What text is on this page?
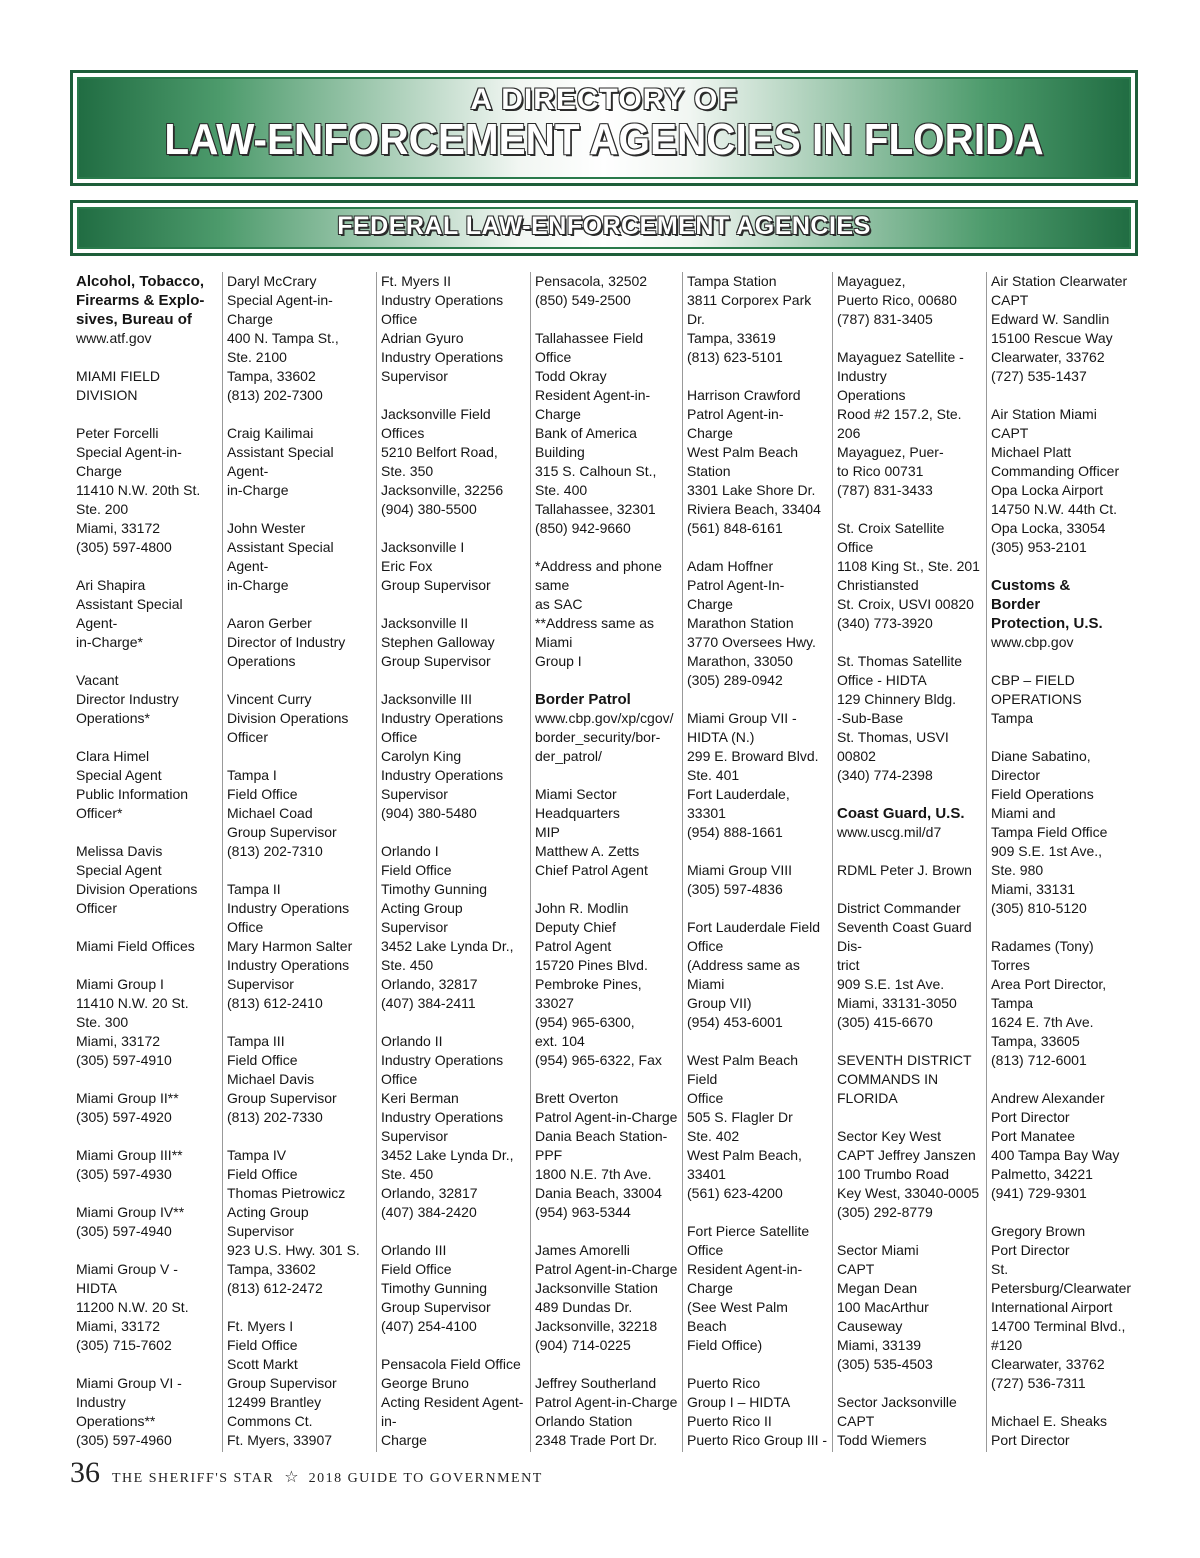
A DIRECTORY OF
LAW-ENFORCEMENT AGENCIES IN FLORIDA
FEDERAL LAW-ENFORCEMENT AGENCIES
Alcohol, Tobacco,
Firearms & Explo-
sives, Bureau of
www.atf.gov
MIAMI FIELD DIVISION
Peter Forcelli
Special Agent-in-Charge
11410 N.W. 20th St.
Ste. 200
Miami, 33172
(305) 597-4800
Ari Shapira
Assistant Special Agent-
in-Charge*
Vacant
Director Industry
Operations*
Clara Himel
Special Agent
Public Information
Officer*
Melissa Davis
Special Agent
Division Operations
Officer
Miami Field Offices
Miami Group I
11410 N.W. 20 St.
Ste. 300
Miami, 33172
(305) 597-4910
Miami Group II**
(305) 597-4920
Miami Group III**
(305) 597-4930
Miami Group IV**
(305) 597-4940
Miami Group V - HIDTA
11200 N.W. 20 St.
Miami, 33172
(305) 715-7602
Miami Group VI - Industry
Operations**
(305) 597-4960
Daryl McCrary
Special Agent-in-Charge
400 N. Tampa St.,
Ste. 2100
Tampa, 33602
(813) 202-7300
Craig Kailimai
Assistant Special Agent-
in-Charge
John Wester
Assistant Special Agent-
in-Charge
Aaron Gerber
Director of Industry
Operations
Vincent Curry
Division Operations
Officer
Tampa I
Field Office
Michael Coad
Group Supervisor
(813) 202-7310
Tampa II
Industry Operations
Office
Mary Harmon Salter
Industry Operations
Supervisor
(813) 612-2410
Tampa III
Field Office
Michael Davis
Group Supervisor
(813) 202-7330
Tampa IV
Field Office
Thomas Pietrowicz
Acting Group Supervisor
923 U.S. Hwy. 301 S.
Tampa, 33602
(813) 612-2472
Ft. Myers I
Field Office
Scott Markt
Group Supervisor
12499 Brantley
Commons Ct.
Ft. Myers, 33907

Ft. Myers II
Industry Operations
Office
Adrian Gyuro
Industry Operations
Supervisor
Jacksonville Field Offices
5210 Belfort Road,
Ste. 350
Jacksonville, 32256
(904) 380-5500
Jacksonville I
Eric Fox
Group Supervisor
Jacksonville II
Stephen Galloway
Group Supervisor
Jacksonville III
Industry Operations
Office
Carolyn King
Industry Operations
Supervisor
(904) 380-5480
Orlando I
Field Office
Timothy Gunning
Acting Group Supervisor
3452 Lake Lynda Dr.,
Ste. 450
Orlando, 32817
(407) 384-2411
Orlando II
Industry Operations
Office
Keri Berman
Industry Operations
Supervisor
3452 Lake Lynda Dr.,
Ste. 450
Orlando, 32817
(407) 384-2420
Orlando III
Field Office
Timothy Gunning
Group Supervisor
(407) 254-4100
Pensacola Field Office
George Bruno
Acting Resident Agent-in-
Charge

Pensacola, 32502
(850) 549-2500
Tallahassee Field Office
Todd Okray
Resident Agent-in-Charge
Bank of America
Building
315 S. Calhoun St.,
Ste. 400
Tallahassee, 32301
(850) 942-9660
*Address and phone same
as SAC
**Address same as Miami
Group I
Border Patrol
www.cbp.gov/xp/cgov/
border_security/bor-
der_patrol/
Miami Sector
Headquarters
MIP
Matthew A. Zetts
Chief Patrol Agent
John R. Modlin
Deputy Chief
Patrol Agent
15720 Pines Blvd.
Pembroke Pines, 33027
(954) 965-6300,
ext. 104
(954) 965-6322, Fax
Brett Overton
Patrol Agent-in-Charge
Dania Beach Station-PPF
1800 N.E. 7th Ave.
Dania Beach, 33004
(954) 963-5344
James Amorelli
Patrol Agent-in-Charge
Jacksonville Station
489 Dundas Dr.
Jacksonville, 32218
(904) 714-0225
Jeffrey Southerland
Patrol Agent-in-Charge
Orlando Station
2348 Trade Port Dr.

Tampa Station
3811 Corporex Park Dr.
Tampa, 33619
(813) 623-5101
Harrison Crawford
Patrol Agent-in-Charge
West Palm Beach Station
3301 Lake Shore Dr.
Riviera Beach, 33404
(561) 848-6161
Adam Hoffner
Patrol Agent-In-Charge
Marathon Station
3770 Oversees Hwy.
Marathon, 33050
(305) 289-0942
Miami Group VII -
HIDTA (N.)
299 E. Broward Blvd.
Ste. 401
Fort Lauderdale, 33301
(954) 888-1661
Miami Group VIII
(305) 597-4836
Fort Lauderdale Field
Office
(Address same as Miami
Group VII)
(954) 453-6001
West Palm Beach Field
Office
505 S. Flagler Dr
Ste. 402
West Palm Beach, 33401
(561) 623-4200
Fort Pierce Satellite
Office
Resident Agent-in-Charge
(See West Palm Beach
Field Office)
Puerto Rico
Group I – HIDTA
Puerto Rico II
Puerto Rico Group III -

Mayaguez,
Puerto Rico, 00680
(787) 831-3405
Mayaguez Satellite -
Industry
Operations
Rood #2 157.2, Ste. 206
Mayaguez, Puer-
to Rico 00731
(787) 831-3433
St. Croix Satellite Office
1108 King St., Ste. 201
Christiansted
St. Croix, USVI 00820
(340) 773-3920
St. Thomas Satellite
Office - HIDTA
129 Chinnery Bldg.
-Sub-Base
St. Thomas, USVI 00802
(340) 774-2398
Coast Guard, U.S.
www.uscg.mil/d7
RDML Peter J. Brown
District Commander
Seventh Coast Guard Dis-
trict
909 S.E. 1st Ave.
Miami, 33131-3050
(305) 415-6670
SEVENTH DISTRICT
COMMANDS IN FLORIDA
Sector Key West
CAPT Jeffrey Janszen
100 Trumbo Road
Key West, 33040-0005
(305) 292-8779
Sector Miami
CAPT
Megan Dean
100 MacArthur
Causeway
Miami, 33139
(305) 535-4503
Sector Jacksonville
CAPT
Todd Wiemers

Air Station Clearwater
CAPT
Edward W. Sandlin
15100 Rescue Way
Clearwater, 33762
(727) 535-1437
Air Station Miami
CAPT
Michael Platt
Commanding Officer
Opa Locka Airport
14750 N.W. 44th Ct.
Opa Locka, 33054
(305) 953-2101
Customs &
Border
Protection, U.S.
www.cbp.gov
CBP – FIELD OPERATIONS
Tampa
Diane Sabatino, Director
Field Operations
Miami and
Tampa Field Office
909 S.E. 1st Ave.,
Ste. 980
Miami, 33131
(305) 810-5120
Radames (Tony) Torres
Area Port Director, Tampa
1624 E. 7th Ave.
Tampa, 33605
(813) 712-6001
Andrew Alexander
Port Director
Port Manatee
400 Tampa Bay Way
Palmetto, 34221
(941) 729-9301
Gregory Brown
Port Director
St. Petersburg/Clearwater
International Airport
14700 Terminal Blvd.,
#120
Clearwater, 33762
(727) 536-7311
Michael E. Sheaks
Port Director

36 THE SHERIFF'S STAR ☆ 2018 GUIDE TO GOVERNMENT
